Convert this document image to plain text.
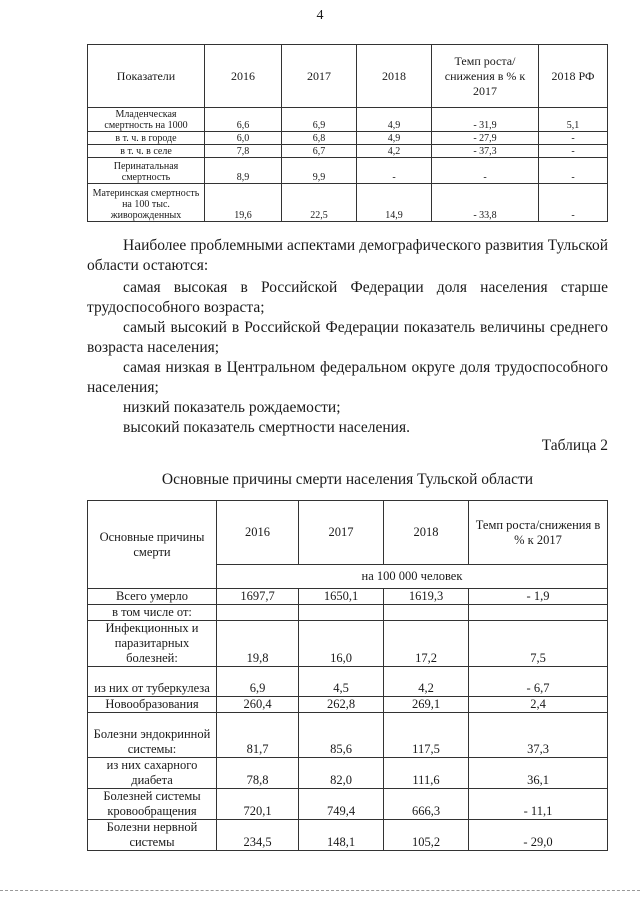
4
Показатели	2016	2017	2018	Темп роста/снижения в % к 2017	2018 РФ
Младенческая смертность на 1000	6,6	6,9	4,9	- 31,9	5,1
в т. ч. в городе	6,0	6,8	4,9	- 27,9	-
в т. ч. в селе	7,8	6,7	4,2	- 37,3	-
Перинатальная смертность	8,9	9,9	-	-	-
Материнская смертность на 100 тыс. живорожденных	19,6	22,5	14,9	- 33,8	-
Наиболее проблемными аспектами демографического развития Тульской области остаются:
самая высокая в Российской Федерации доля населения старше трудоспособного возраста;
самый высокий в Российской Федерации показатель величины среднего возраста населения;
самая низкая в Центральном федеральном округе доля трудоспособного населения;
низкий показатель рождаемости;
высокий показатель смертности населения.
Таблица 2
Основные причины смерти населения Тульской области
Основные причины смерти	2016	2017	2018	Темп роста/снижения в % к 2017
	на 100 000 человек			
Всего умерло	1697,7	1650,1	1619,3	- 1,9
в том числе от:				
Инфекционных и паразитарных болезней:	19,8	16,0	17,2	7,5
из них от туберкулеза	6,9	4,5	4,2	- 6,7
Новообразования	260,4	262,8	269,1	2,4
Болезни эндокринной системы:	81,7	85,6	117,5	37,3
из них сахарного диабета	78,8	82,0	111,6	36,1
Болезней системы кровообращения	720,1	749,4	666,3	- 11,1
Болезни нервной системы	234,5	148,1	105,2	- 29,0
